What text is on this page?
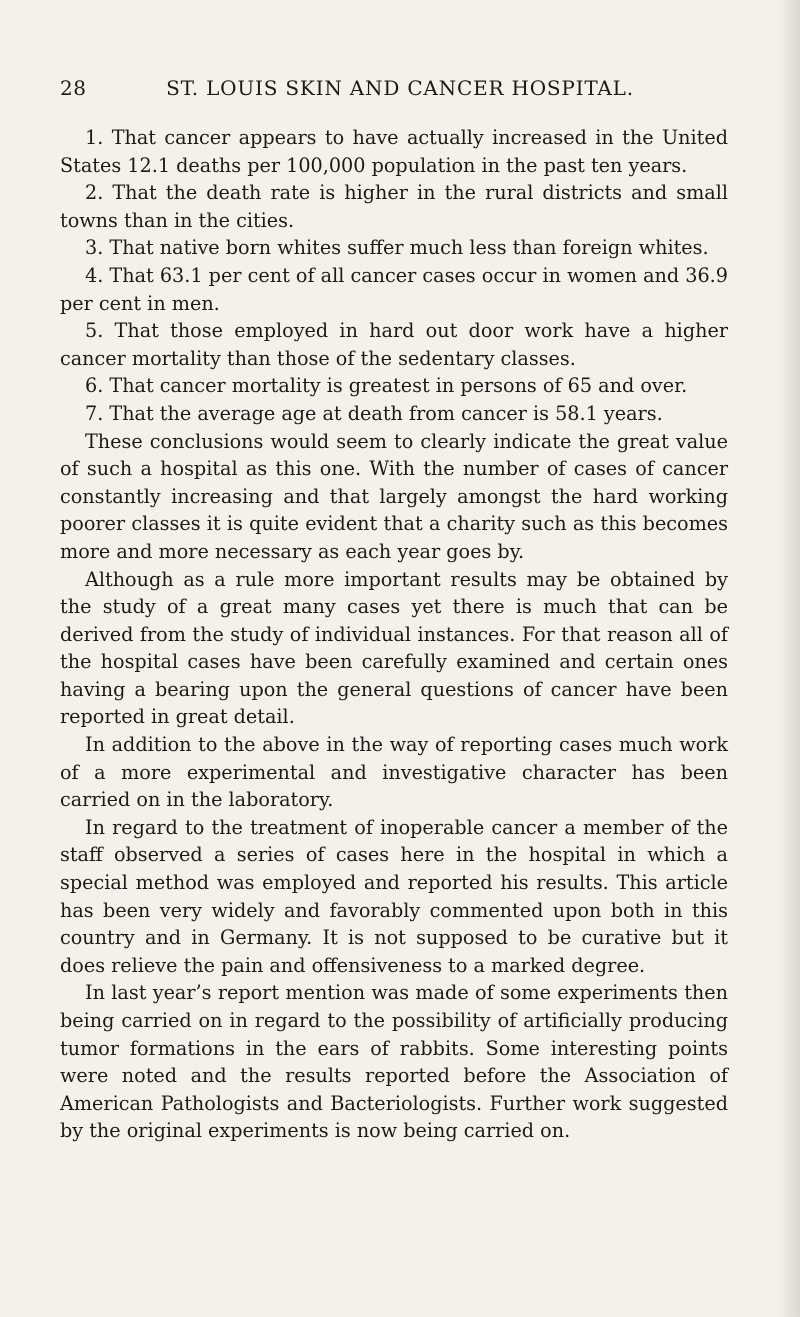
28	ST. LOUIS SKIN AND CANCER HOSPITAL.

1. That cancer appears to have actually increased in the United States 12.1 deaths per 100,000 population in the past ten years.

2. That the death rate is higher in the rural districts and small towns than in the cities.

3. That native born whites suffer much less than foreign whites.

4. That 63.1 per cent of all cancer cases occur in women and 36.9 per cent in men.

5. That those employed in hard out door work have a higher cancer mortality than those of the sedentary classes.

6. That cancer mortality is greatest in persons of 65 and over.

7. That the average age at death from cancer is 58.1 years.

These conclusions would seem to clearly indicate the great value of such a hospital as this one. With the number of cases of cancer constantly increasing and that largely amongst the hard working poorer classes it is quite evident that a charity such as this becomes more and more necessary as each year goes by.

Although as a rule more important results may be obtained by the study of a great many cases yet there is much that can be derived from the study of individual instances. For that reason all of the hospital cases have been carefully examined and certain ones having a bearing upon the general questions of cancer have been reported in great detail.

In addition to the above in the way of reporting cases much work of a more experimental and investigative character has been carried on in the laboratory.

In regard to the treatment of inoperable cancer a member of the staff observed a series of cases here in the hospital in which a special method was employed and reported his results. This article has been very widely and favorably commented upon both in this country and in Germany. It is not supposed to be curative but it does relieve the pain and offensiveness to a marked degree.

In last year’s report mention was made of some experiments then being carried on in regard to the possibility of artificially producing tumor formations in the ears of rabbits. Some interesting points were noted and the results reported before the Association of American Pathologists and Bacteriologists. Further work suggested by the original experiments is now being carried on.
